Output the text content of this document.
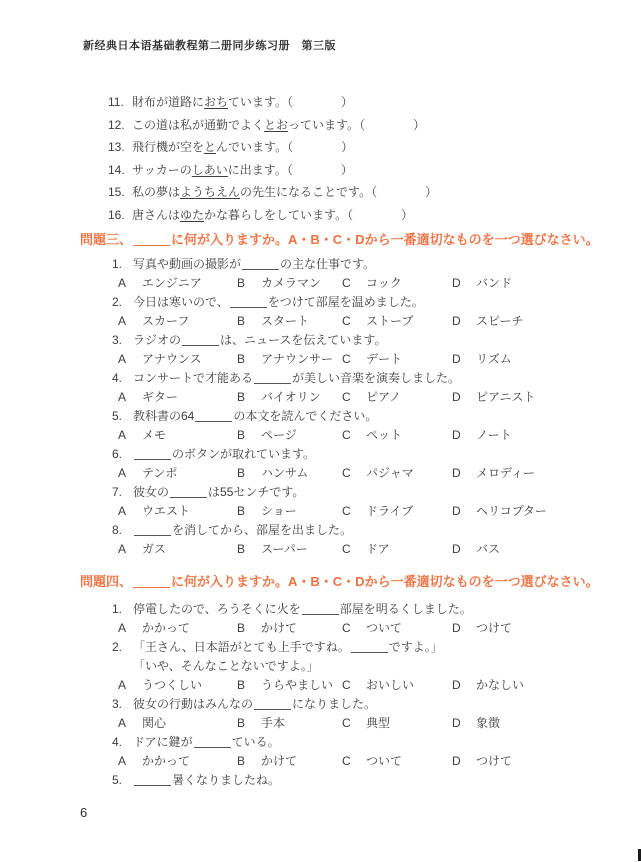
新经典日本语基础教程第二册同步练习册　第三版
11. 財布が道路におちています。（　　　　）
12. この道は私が通勤でよくとおっています。（　　　　）
13. 飛行機が空をとんでいます。（　　　　）
14. サッカーのしあいに出ます。（　　　　）
15. 私の夢はようちえんの先生になることです。（　　　　）
16. 唐さんはゆたかな暮らしをしています。（　　　　）
問題三、	に何が入りますか。A・B・C・Dから一番適切なものを一つ選びなさい。
1. 写真や動画の撮影が	の主な仕事です。
A エンジニア	B カメラマン C コック	D バンド
2. 今日は寒いので、	をつけて部屋を温めました。
A スカーフ	B スタート	C ストーブ	D スピーチ
3. ラジオの	は、ニュースを伝えています。
A アナウンス	B アナウンサー C デート	D リズム
4. コンサートで才能ある	が美しい音楽を演奏しました。
A ギター	B バイオリン C ピアノ	D ピアニスト
5. 教科書の64	の本文を読んでください。
A メモ	B ページ	C ペット	D ノート
6.	のボタンが取れています。
A テンポ	B ハンサム	C パジャマ	D メロディー
7. 彼女の	は55センチです。
A ウエスト	B ショー	C ドライブ	D ヘリコプター
8.	を消してから、部屋を出ました。
A ガス	B スーパー	C ドア	D バス
問題四、	に何が入りますか。A・B・C・Dから一番適切なものを一つ選びなさい。
1. 停電したので、ろうそくに火を	部屋を明るくしました。
A かかって	B かけて	C ついて	D つけて
2. 「王さん、日本語がとても上手ですね。	ですよ。」
「いや、そんなことないですよ。」
A うつくしい	B うらやましい C おいしい	D かなしい
3. 彼女の行動はみんなの	になりました。
A 関心	B 手本	C 典型	D 象徴
4. ドアに鍵が	ている。
A かかって	B かけて	C ついて	D つけて
5.	暑くなりましたね。
6
